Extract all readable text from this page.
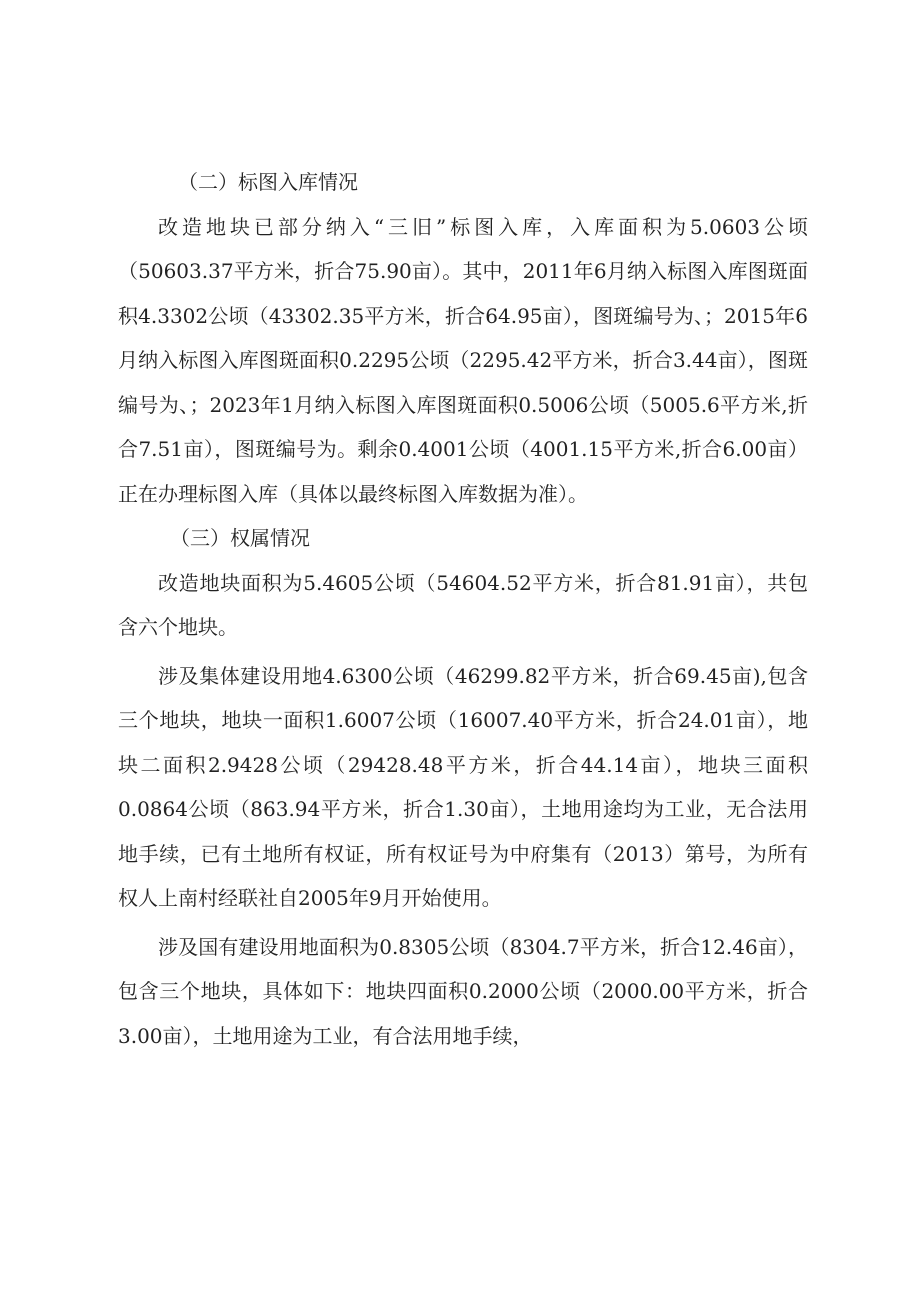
（二）标图入库情况

改造地块已部分纳入“三旧”标图入库，入库面积为5.0603公顷（50603.37平方米，折合75.90亩）。其中，2011年6月纳入标图入库图斑面积4.3302公顷（43302.35平方米，折合64.95亩），图斑编号为、；2015年6月纳入标图入库图斑面积0.2295公顷（2295.42平方米，折合3.44亩），图斑编号为、；2023年1月纳入标图入库图斑面积0.5006公顷（5005.6平方米,折合7.51亩），图斑编号为。剩余0.4001公顷（4001.15平方米,折合6.00亩）正在办理标图入库（具体以最终标图入库数据为准）。

（三）权属情况

改造地块面积为5.4605公顷（54604.52平方米，折合81.91亩），共包含六个地块。

涉及集体建设用地4.6300公顷（46299.82平方米，折合69.45亩),包含三个地块，地块一面积1.6007公顷（16007.40平方米，折合24.01亩），地块二面积2.9428公顷（29428.48平方米，折合44.14亩），地块三面积0.0864公顷（863.94平方米，折合1.30亩），土地用途均为工业，无合法用地手续，已有土地所有权证，所有权证号为中府集有（2013）第号，为所有权人上南村经联社自2005年9月开始使用。

涉及国有建设用地面积为0.8305公顷（8304.7平方米，折合12.46亩），包含三个地块，具体如下：地块四面积0.2000公顷（2000.00平方米，折合3.00亩），土地用途为工业，有合法用地手续，
